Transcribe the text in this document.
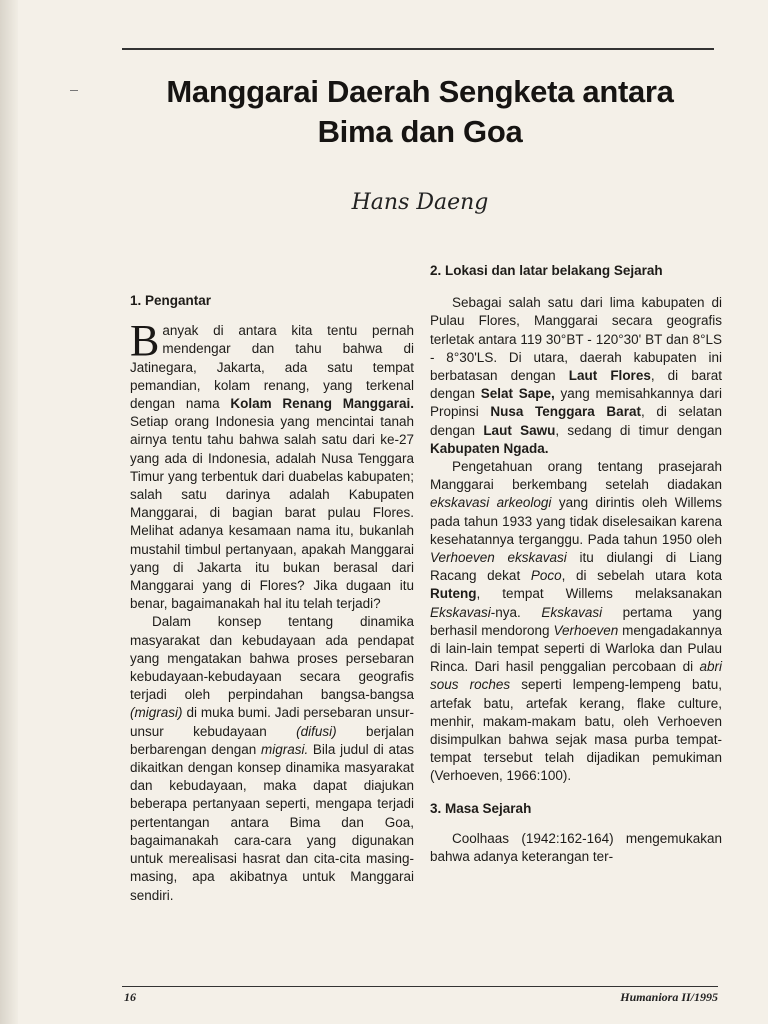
Manggarai Daerah Sengketa antara
Bima dan Goa
Hans Daeng
1. Pengantar

B anyak di antara kita tentu pernah mendengar dan tahu bahwa di Jatinegara, Jakarta, ada satu tempat pemandian, kolam renang, yang terkenal dengan nama Kolam Renang Manggarai. Setiap orang Indonesia yang mencintai tanah airnya tentu tahu bahwa salah satu dari ke-27 yang ada di Indonesia, adalah Nusa Tenggara Timur yang terbentuk dari duabelas kabupaten; salah satu darinya adalah Kabupaten Manggarai, di bagian barat pulau Flores. Melihat adanya kesamaan nama itu, bukanlah mustahil timbul pertanyaan, apakah Manggarai yang di Jakarta itu bukan berasal dari Manggarai yang di Flores? Jika dugaan itu benar, bagaimanakah hal itu telah terjadi?

Dalam konsep tentang dinamika masyarakat dan kebudayaan ada pendapat yang mengatakan bahwa proses persebaran kebudayaan-kebudayaan secara geografis terjadi oleh perpindahan bangsa-bangsa (migrasi) di muka bumi. Jadi persebaran unsur-unsur kebudayaan (difusi) berjalan berbarengan dengan migrasi. Bila judul di atas dikaitkan dengan konsep dinamika masyarakat dan kebudayaan, maka dapat diajukan beberapa pertanyaan seperti, mengapa terjadi pertentangan antara Bima dan Goa, bagaimanakah cara-cara yang digunakan untuk merealisasi hasrat dan cita-cita masing-masing, apa akibatnya untuk Manggarai sendiri.

2. Lokasi dan latar belakang Sejarah

Sebagai salah satu dari lima kabupaten di Pulau Flores, Manggarai secara geografis terletak antara 119 30°BT - 120°30' BT dan 8°LS - 8°30'LS. Di utara, daerah kabupaten ini berbatasan dengan Laut Flores, di barat dengan Selat Sape, yang memisahkannya dari Propinsi Nusa Tenggara Barat, di selatan dengan Laut Sawu, sedang di timur dengan Kabupaten Ngada.

Pengetahuan orang tentang prasejarah Manggarai berkembang setelah diadakan ekskavasi arkeologi yang dirintis oleh Willems pada tahun 1933 yang tidak diselesaikan karena kesehatannya terganggu. Pada tahun 1950 oleh Verhoeven ekskavasi itu diulangi di Liang Racang dekat Poco, di sebelah utara kota Ruteng, tempat Willems melaksanakan Ekskavasi-nya. Ekskavasi pertama yang berhasil mendorong Verhoeven mengadakannya di lain-lain tempat seperti di Warloka dan Pulau Rinca. Dari hasil penggalian percobaan di abri sous roches seperti lempeng-lempeng batu, artefak batu, artefak kerang, flake culture, menhir, makam-makam batu, oleh Verhoeven disimpulkan bahwa sejak masa purba tempat-tempat tersebut telah dijadikan pemukiman (Verhoeven, 1966:100).

3. Masa Sejarah

Coolhaas (1942:162-164) mengemukakan bahwa adanya keterangan ter-

16	Humaniora II/1995
